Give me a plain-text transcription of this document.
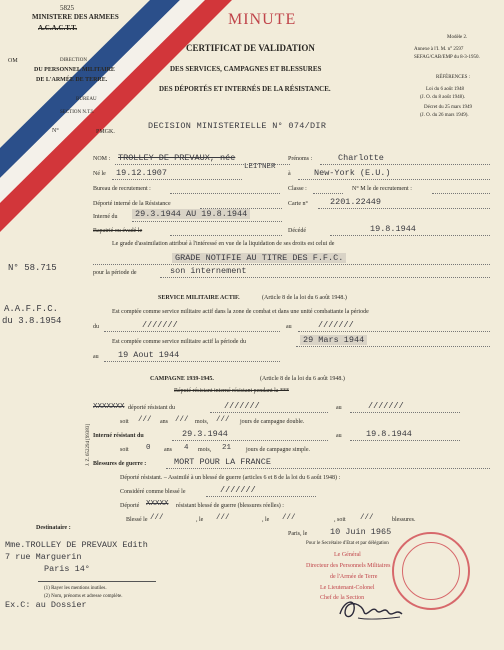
5825
MINISTERE DES ARMEES
A.C.A.C.T.T.
OM	DIRECTION
DU PERSONNEL MILITAIRE
DE L'ARMÉE DE TERRE.
BUREAU
SECTION N.T.I.
N°	PMGK.
MINUTE
CERTIFICAT DE VALIDATION
DES SERVICES, CAMPAGNES ET BLESSURES
DES DÉPORTÉS ET INTERNÉS DE LA RÉSISTANCE.
Modèle 2.
Annexe à l'I. M. n° 2597
SEFAG/CAB/EMP du 8-3-1950.
RÉFÉRENCES :
Loi du 6 août 1948
(J. O. du 8 août 1948).
Décret du 25 mars 1949
(J. O. du 26 mars 1949).
DECISION MINISTERIELLE N° 074/DIR
NOM : TROLLEY DE PREVAUX, née
LEITNER
Prénoms :	Charlotte
Né le 19.12.1907	à	New-York (E.U.)
Bureau de recrutement :	Classe :	N° M le de recrutement :
Déporté interné de la Résistance	Carte n°	2201.22449
Interné du	29.3.1944 AU 19.8.1944
Rapatrié ou évadé le	Décédé	19.8.1944
Le grade d'assimilation attribué à l'intéressé en vue de la liquidation de ses droits est celui de
GRADE NOTIFIE AU TITRE DES F.F.C.
pour la période de	son internement
N° 58.715
A.A.F.F.C.
du 3.8.1954
J. Z. 652294 [99383]
SERVICE MILITAIRE ACTIF.	(Article 8 de la loi du 6 août 1948.)
Est comptée comme service militaire actif dans la zone de combat et dans une unité combattante la période
du	///////	au	///////
Est comptée comme service militaire actif la période du	29 Mars 1944
au 19 Aout 1944
CAMPAGNE 1939-1945.	(Article 8 de la loi du 6 août 1948.)
Réputé résistant interné résistant pendant la ***
XXXXXXX déporté résistant du	///////	au	///////
soit /// ans /// mois, /// jours de campagne double.
Interné résistant du	29.3.1944	au	19.8.1944
soit 0 ans 4 mois, 21 jours de campagne simple.
Blessures de guerre :	MORT POUR LA FRANCE
Déporté résistant. – Assimilé à un blessé de guerre (articles 6 et 8 de la loi du 6 août 1948) :
Considéré comme blessé le	///////
Déporté XXXXX résistant blessé de guerre (blessures réelles) :
Blessé le ///	, le ///	, le ///	, soit ///	blessures.
Paris, le	10 Juin 1965
Pour le Secrétaire d'Etat et par délégation
Le Général
Directeur des Personnels Militaires
de l'Armée de Terre
Le Lieutenant-Colonel
Chef de la Section
Destinataire :
Mme.TROLLEY DE PREVAUX Edith
7 rue Marguerin
Paris 14°
(1) Rayer les mentions inutiles.
(2) Nom, prénoms et adresse complète.
Ex.C: au Dossier
